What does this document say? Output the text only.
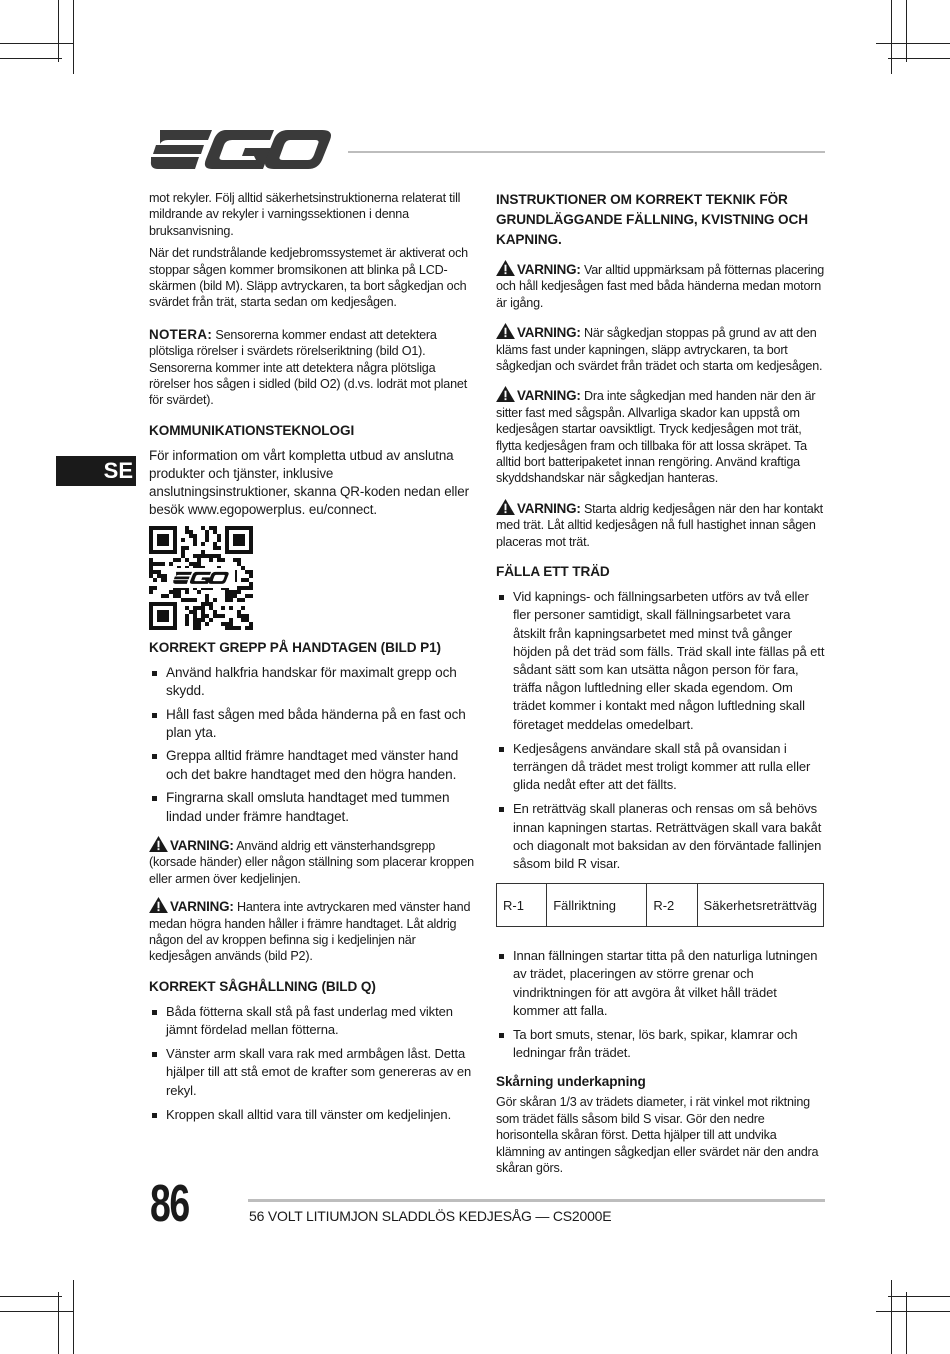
SE

mot rekyler. Följ alltid säkerhetsinstruktionerna relaterat till mildrande av rekyler i varningssektionen i denna bruksanvisning.

När det rundstrålande kedjebromssystemet är aktiverat och stoppar sågen kommer bromsikonen att blinka på LCD-skärmen (bild M). Släpp avtryckaren, ta bort sågkedjan och svärdet från trät, starta sedan om kedjesågen.

NOTERA: Sensorerna kommer endast att detektera plötsliga rörelser i svärdets rörelseriktning (bild O1). Sensorerna kommer inte att detektera några plötsliga rörelser hos sågen i sidled (bild O2) (d.vs. lodrät mot planet för svärdet).

KOMMUNIKATIONSTEKNOLOGI

För information om vårt kompletta utbud av anslutna produkter och tjänster, inklusive anslutningsinstruktioner, skanna QR-koden nedan eller besök www.egopowerplus. eu/connect.

KORREKT GREPP PÅ HANDTAGEN (BILD P1)

Använd halkfria handskar för maximalt grepp och skydd.
Håll fast sågen med båda händerna på en fast och plan yta.
Greppa alltid främre handtaget med vänster hand och det bakre handtaget med den högra handen.
Fingrarna skall omsluta handtaget med tummen lindad under främre handtaget.

VARNING: Använd aldrig ett vänsterhandsgrepp (korsade händer) eller någon ställning som placerar kroppen eller armen över kedjelinjen.

VARNING: Hantera inte avtryckaren med vänster hand medan högra handen håller i främre handtaget. Låt aldrig någon del av kroppen befinna sig i kedjelinjen när kedjesågen används (bild P2).

KORREKT SÅGHÅLLNING (BILD Q)

Båda fötterna skall stå på fast underlag med vikten jämnt fördelad mellan fötterna.
Vänster arm skall vara rak med armbågen låst. Detta hjälper till att stå emot de krafter som genereras av en rekyl.
Kroppen skall alltid vara till vänster om kedjelinjen.

INSTRUKTIONER OM KORREKT TEKNIK FÖR GRUNDLÄGGANDE FÄLLNING, KVISTNING OCH KAPNING.

VARNING: Var alltid uppmärksam på fötternas placering och håll kedjesågen fast med båda händerna medan motorn är igång.

VARNING: När sågkedjan stoppas på grund av att den kläms fast under kapningen, släpp avtryckaren, ta bort sågkedjan och svärdet från trädet och starta om kedjesågen.

VARNING: Dra inte sågkedjan med handen när den är sitter fast med sågspån. Allvarliga skador kan uppstå om kedjesågen startar oavsiktligt. Tryck kedjesågen mot trät, flytta kedjesågen fram och tillbaka för att lossa skräpet. Ta alltid bort batteripaketet innan rengöring. Använd kraftiga skyddshandskar när sågkedjan hanteras.

VARNING: Starta aldrig kedjesågen när den har kontakt med trät. Låt alltid kedjesågen nå full hastighet innan sågen placeras mot trät.

FÄLLA ETT TRÄD

Vid kapnings- och fällningsarbeten utförs av två eller fler personer samtidigt, skall fällningsarbetet vara åtskilt från kapningsarbetet med minst två gånger höjden på det träd som fälls. Träd skall inte fällas på ett sådant sätt som kan utsätta någon person för fara, träffa någon luftledning eller skada egendom. Om trädet kommer i kontakt med någon luftledning skall företaget meddelas omedelbart.
Kedjesågens användare skall stå på ovansidan i terrängen då trädet mest troligt kommer att rulla eller glida nedåt efter att det fällts.
En reträttväg skall planeras och rensas om så behövs innan kapningen startas. Reträttvägen skall vara bakåt och diagonalt mot baksidan av den förväntade fallinjen såsom bild R visar.
R-1	Fällriktning	R-2	Säkerhetsreträttväg
Innan fällningen startar titta på den naturliga lutningen av trädet, placeringen av större grenar och vindriktningen för att avgöra åt vilket håll trädet kommer att falla.
Ta bort smuts, stenar, lös bark, spikar, klamrar och ledningar från trädet.

Skårning underkapning

Gör skåran 1/3 av trädets diameter, i rät vinkel mot riktning som trädet fälls såsom bild S visar. Gör den nedre horisontella skåran först. Detta hjälper till att undvika klämning av antingen sågkedjan eller svärdet när den andra skåran görs.

86	56 VOLT LITIUMJON SLADDLÖS KEDJESÅG — CS2000E
